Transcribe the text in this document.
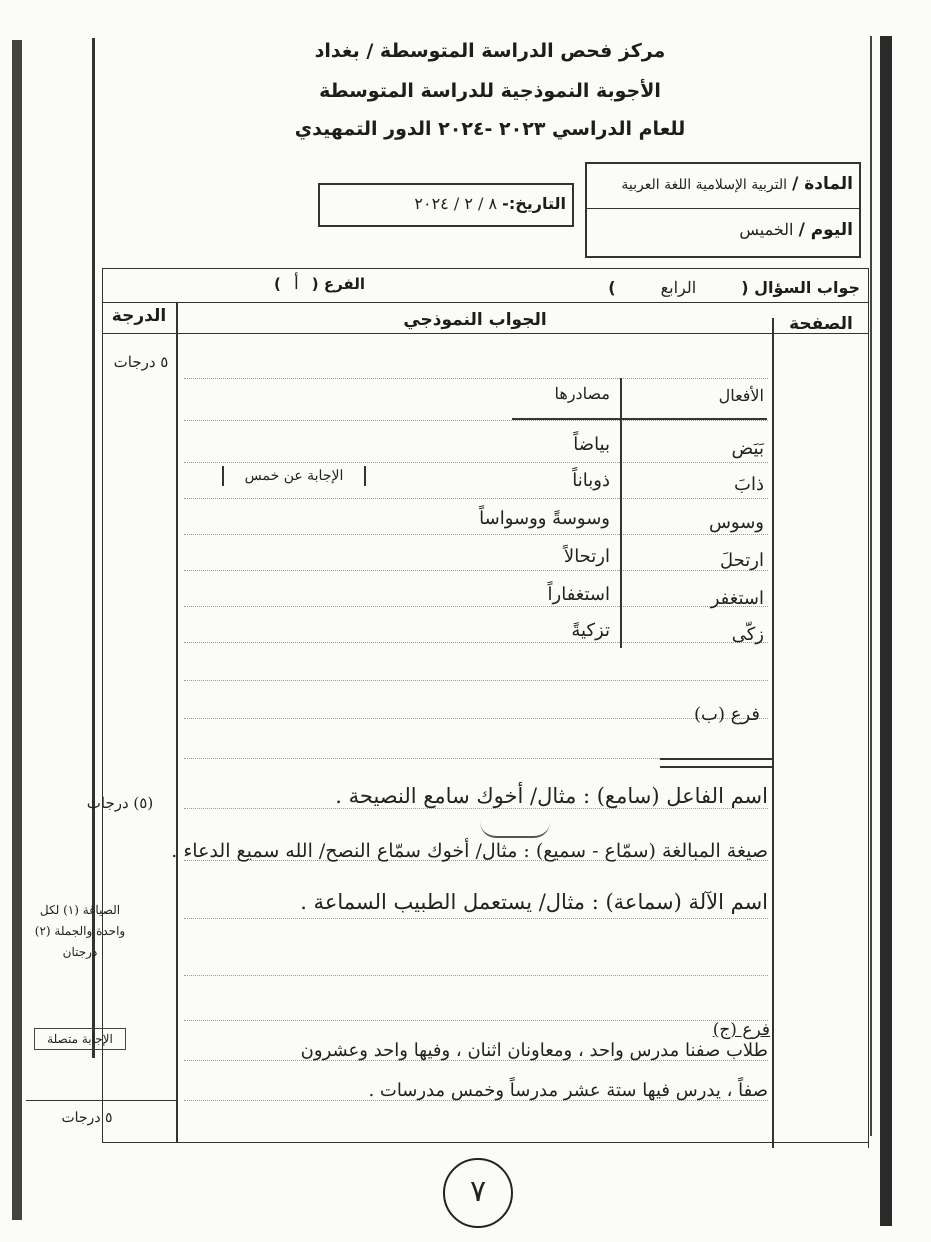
مركز فحص الدراسة المتوسطة / بغداد
الأجوبة النموذجية للدراسة المتوسطة
للعام الدراسي ٢٠٢٣ -٢٠٢٤ الدور التمهيدي
المادة / التربية الإسلامية اللغة العربية
اليوم / الخميس
التاريخ:- ٨ / ٢ / ٢٠٢٤
جواب السؤال ( الرابع )
الفرع ( أ )
الدرجة	الجواب النموذجي	الصفحة
الأفعال
مصادرها
بَيَض
بياضاً
ذابَ
ذوباناً
وسوس
وسوسةً ووسواساً
ارتحلَ
ارتحالاً
استغفر
استغفاراً
زكّى
تزكيةً
الإجابة عن خمس
فرع (ب)
اسم الفاعل (سامع) : مثال/ أخوك سامع النصيحة .
صيغة المبالغة (سمّاع - سميع) : مثال/ أخوك سمّاع النصح/ الله سميع الدعاء .
اسم الآلة (سماعة) : مثال/ يستعمل الطبيب السماعة .
فرع (ج)
طلاب صفنا مدرس واحد ، ومعاونان اثنان ، وفيها واحد وعشرون
صفاً ، يدرس فيها ستة عشر مدرساً وخمس مدرسات .
٥ درجات
(٥) درجات
الصياغة (١) لكل واحدة والجملة (٢) درجتان
الإجابة متصلة
٥ درجات
٧
